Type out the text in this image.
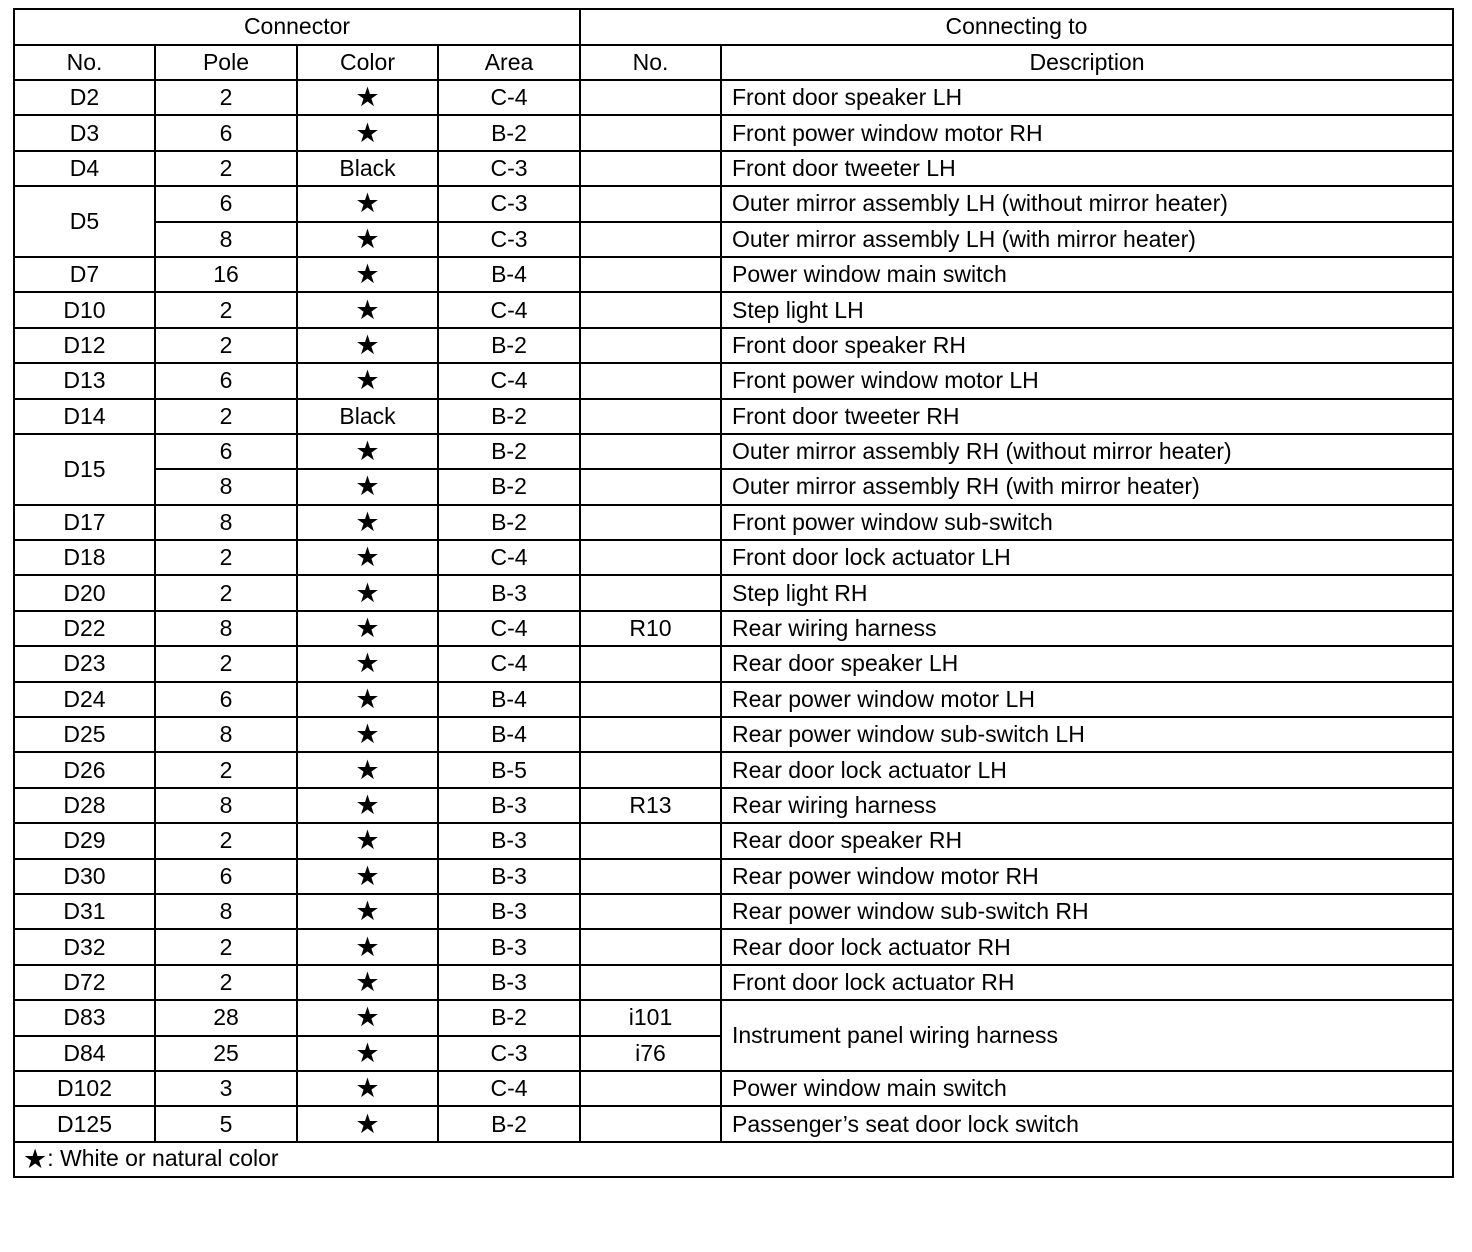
Connector				Connecting to	
No.	Pole	Color	Area	No.	Description
D2	2	★	C-4		Front door speaker LH
D3	6	★	B-2		Front power window motor RH
D4	2	Black	C-3		Front door tweeter LH
D5	6	★	C-3		Outer mirror assembly LH (without mirror heater)
	8	★	C-3		Outer mirror assembly LH (with mirror heater)
D7	16	★	B-4		Power window main switch
D10	2	★	C-4		Step light LH
D12	2	★	B-2		Front door speaker RH
D13	6	★	C-4		Front power window motor LH
D14	2	Black	B-2		Front door tweeter RH
D15	6	★	B-2		Outer mirror assembly RH (without mirror heater)
	8	★	B-2		Outer mirror assembly RH (with mirror heater)
D17	8	★	B-2		Front power window sub-switch
D18	2	★	C-4		Front door lock actuator LH
D20	2	★	B-3		Step light RH
D22	8	★	C-4	R10	Rear wiring harness
D23	2	★	C-4		Rear door speaker LH
D24	6	★	B-4		Rear power window motor LH
D25	8	★	B-4		Rear power window sub-switch LH
D26	2	★	B-5		Rear door lock actuator LH
D28	8	★	B-3	R13	Rear wiring harness
D29	2	★	B-3		Rear door speaker RH
D30	6	★	B-3		Rear power window motor RH
D31	8	★	B-3		Rear power window sub-switch RH
D32	2	★	B-3		Rear door lock actuator RH
D72	2	★	B-3		Front door lock actuator RH
D83	28	★	B-2	i101	Instrument panel wiring harness
D84	25	★	C-3	i76	
D102	3	★	C-4		Power window main switch
D125	5	★	B-2		Passenger’s seat door lock switch
★: White or natural color					
